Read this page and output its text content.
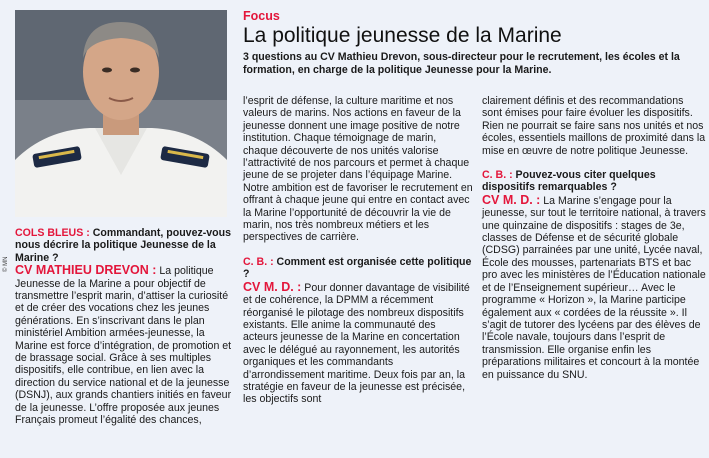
© MN
Focus
La politique jeunesse de la Marine
3 questions au CV Mathieu Drevon, sous-directeur pour le recrutement, les écoles et la formation, en charge de la politique Jeunesse pour la Marine.

COLS BLEUS : Commandant, pouvez-vous nous décrire la politique Jeunesse de la Marine ?

CV MATHIEU DREVON : La politique Jeunesse de la Marine a pour objectif de transmettre l’esprit marin, d’attiser la curiosité et de créer des vocations chez les jeunes générations. En s’inscrivant dans le plan ministériel Ambition armées-jeunesse, la Marine est force d’intégration, de promotion et de brassage social. Grâce à ses multiples dispositifs, elle contribue, en lien avec la direction du service national et de la jeunesse (DSNJ), aux grands chantiers initiés en faveur de la jeunesse. L’offre proposée aux jeunes Français promeut l’égalité des chances,

l’esprit de défense, la culture maritime et nos valeurs de marins. Nos actions en faveur de la jeunesse donnent une image positive de notre institution. Chaque témoignage de marin, chaque découverte de nos unités valorise l’attractivité de nos parcours et permet à chaque jeune de se projeter dans l’équipage Marine. Notre ambition est de favoriser le recrutement en offrant à chaque jeune qui entre en contact avec la Marine l’opportunité de découvrir la vie de marin, nos très nombreux métiers et les perspectives de carrière.

C. B. : Comment est organisée cette politique ?

CV M. D. : Pour donner davantage de visibilité et de cohérence, la DPMM a récemment réorganisé le pilotage des nombreux dispositifs existants. Elle anime la communauté des acteurs jeunesse de la Marine en concertation avec le délégué au rayonnement, les autorités organiques et les commandants d’arrondissement maritime. Deux fois par an, la stratégie en faveur de la jeunesse est précisée, les objectifs sont

clairement définis et des recommandations sont émises pour faire évoluer les dispositifs. Rien ne pourrait se faire sans nos unités et nos écoles, essentiels maillons de proximité dans la mise en œuvre de notre politique Jeunesse.

C. B. : Pouvez-vous citer quelques dispositifs remarquables ?

CV M. D. : La Marine s’engage pour la jeunesse, sur tout le territoire national, à travers une quinzaine de dispositifs : stages de 3e, classes de Défense et de sécurité globale (CDSG) parrainées par une unité, Lycée naval, École des mousses, partenariats BTS et bac pro avec les ministères de l’Éducation nationale et de l’Enseignement supérieur… Avec le programme « Horizon », la Marine participe également aux « cordées de la réussite ». Il s’agit de tutorer des lycéens par des élèves de l’École navale, toujours dans l’esprit de transmission. Elle organise enfin les préparations militaires et concourt à la montée en puissance du SNU.
